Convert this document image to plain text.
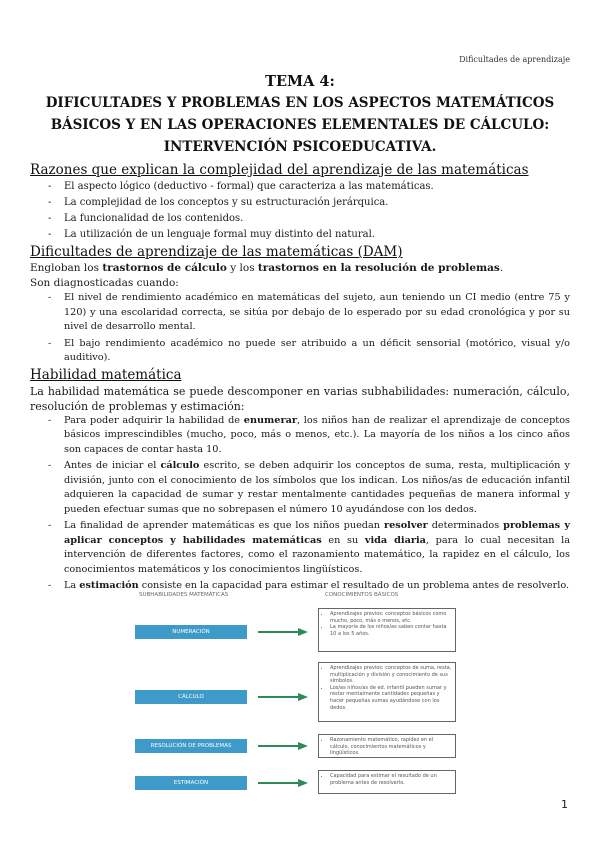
Dificultades de aprendizaje
TEMA 4:
DIFICULTADES Y PROBLEMAS EN LOS ASPECTOS MATEMÁTICOS
BÁSICOS Y EN LAS OPERACIONES ELEMENTALES DE CÁLCULO:
INTERVENCIÓN PSICOEDUCATIVA.
Razones que explican la complejidad del aprendizaje de las matemáticas
- El aspecto lógico (deductivo - formal) que caracteriza a las matemáticas.
- La complejidad de los conceptos y su estructuración jerárquica.
- La funcionalidad de los contenidos.
- La utilización de un lenguaje formal muy distinto del natural.
Dificultades de aprendizaje de las matemáticas (DAM)

Engloban los trastornos de cálculo y los trastornos en la resolución de problemas.

Son diagnosticadas cuando:

- El nivel de rendimiento académico en matemáticas del sujeto, aun teniendo un CI medio (entre 75 y 120) y una escolaridad correcta, se sitúa por debajo de lo esperado por su edad cronológica y por su nivel de desarrollo mental.
- El bajo rendimiento académico no puede ser atribuido a un déficit sensorial (motórico, visual y/o auditivo).
Habilidad matemática

La habilidad matemática se puede descomponer en varias subhabilidades: numeración, cálculo, resolución de problemas y estimación:

- Para poder adquirir la habilidad de enumerar, los niños han de realizar el aprendizaje de conceptos básicos imprescindibles (mucho, poco, más o menos, etc.). La mayoría de los niños a los cinco años son capaces de contar hasta 10.
- Antes de iniciar el cálculo escrito, se deben adquirir los conceptos de suma, resta, multiplicación y división, junto con el conocimiento de los símbolos que los indican. Los niños/as de educación infantil adquieren la capacidad de sumar y restar mentalmente cantidades pequeñas de manera informal y pueden efectuar sumas que no sobrepasen el número 10 ayudándose con los dedos.
- La finalidad de aprender matemáticas es que los niños puedan resolver determinados problemas y aplicar conceptos y habilidades matemáticas en su vida diaria, para lo cual necesitan la intervención de diferentes factores, como el razonamiento matemático, la rapidez en el cálculo, los conocimientos matemáticos y los conocimientos lingüísticos.
- La estimación consiste en la capacidad para estimar el resultado de un problema antes de resolverlo.
SUBHABILIDADES MATEMÁTICAS	CONOCIMIENTOS BÁSICOS
NUMERACIÓN
• Aprendizajes previos: conceptos básicos como mucho, poco, más o menos, etc.
• La mayoría de los niños/as saben contar hasta 10 a los 5 años.
CÁLCULO
• Aprendizajes previos: conceptos de suma, resta, multiplicación y división y conocimiento de sus símbolos.
• Los/as niños/as de ed. infantil pueden sumar y restar mentalmente cantidades pequeñas y hacer pequeñas sumas ayudándose con los dedos.
RESOLUCIÓN DE PROBLEMAS
• Razonamiento matemático, rapidez en el cálculo, conocimientos matemáticos y lingüísticos.
ESTIMACIÓN
• Capacidad para estimar el resultado de un problema antes de resolverlo.
1
